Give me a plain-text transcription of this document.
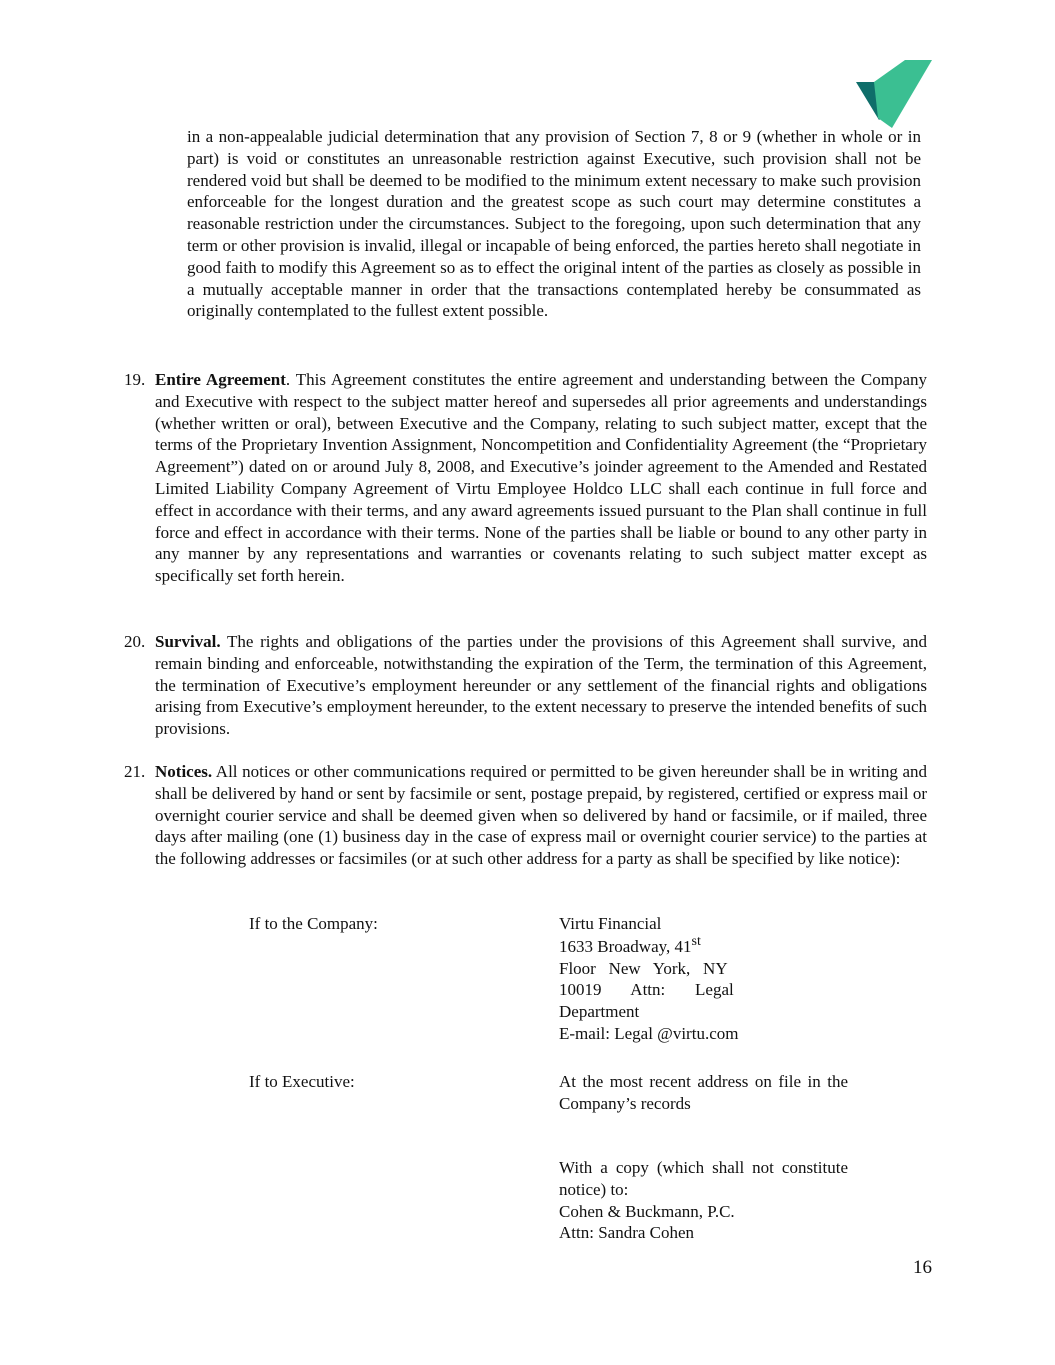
in a non-appealable judicial determination that any provision of Section 7, 8 or 9 (whether in whole or in part) is void or constitutes an unreasonable restriction against Executive, such provision shall not be rendered void but shall be deemed to be modified to the minimum extent necessary to make such provision enforceable for the longest duration and the greatest scope as such court may determine constitutes a reasonable restriction under the circumstances. Subject to the foregoing, upon such determination that any term or other provision is invalid, illegal or incapable of being enforced, the parties hereto shall negotiate in good faith to modify this Agreement so as to effect the original intent of the parties as closely as possible in a mutually acceptable manner in order that the transactions contemplated hereby be consummated as originally contemplated to the fullest extent possible.
19. Entire Agreement. This Agreement constitutes the entire agreement and understanding between the Company and Executive with respect to the subject matter hereof and supersedes all prior agreements and understandings (whether written or oral), between Executive and the Company, relating to such subject matter, except that the terms of the Proprietary Invention Assignment, Noncompetition and Confidentiality Agreement (the “Proprietary Agreement”) dated on or around July 8, 2008, and Executive’s joinder agreement to the Amended and Restated Limited Liability Company Agreement of Virtu Employee Holdco LLC shall each continue in full force and effect in accordance with their terms, and any award agreements issued pursuant to the Plan shall continue in full force and effect in accordance with their terms. None of the parties shall be liable or bound to any other party in any manner by any representations and warranties or covenants relating to such subject matter except as specifically set forth herein.
20. Survival. The rights and obligations of the parties under the provisions of this Agreement shall survive, and remain binding and enforceable, notwithstanding the expiration of the Term, the termination of this Agreement, the termination of Executive’s employment hereunder or any settlement of the financial rights and obligations arising from Executive’s employment hereunder, to the extent necessary to preserve the intended benefits of such provisions.
21. Notices. All notices or other communications required or permitted to be given hereunder shall be in writing and shall be delivered by hand or sent by facsimile or sent, postage prepaid, by registered, certified or express mail or overnight courier service and shall be deemed given when so delivered by hand or facsimile, or if mailed, three days after mailing (one (1) business day in the case of express mail or overnight courier service) to the parties at the following addresses or facsimiles (or at such other address for a party as shall be specified by like notice):
If to the Company:	Virtu Financial
1633 Broadway, 41st
Floor   New   York,   NY
10019       Attn:       Legal
Department
E-mail: Legal @virtu.com
If to Executive:	At the most recent address on file in the Company’s records
With a copy (which shall not constitute notice) to:
Cohen & Buckmann, P.C.
Attn: Sandra Cohen
16
